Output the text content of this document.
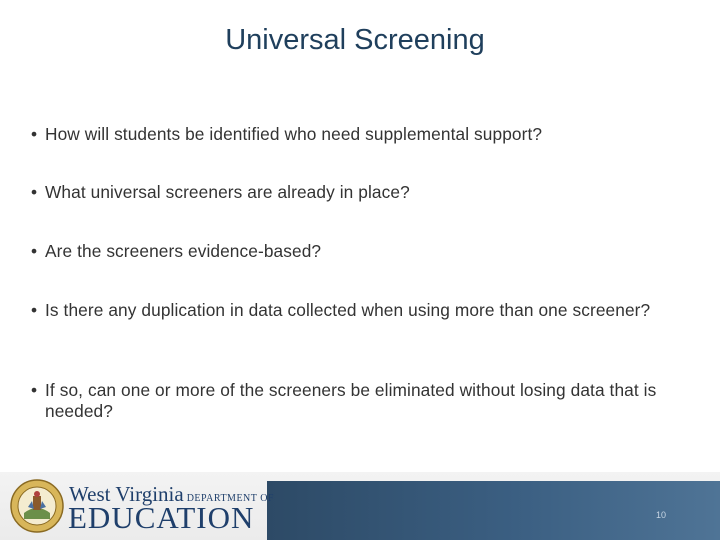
Universal Screening
• How will students be identified who need supplemental support?
• What universal screeners are already in place?
• Are the screeners evidence-based?
• Is there any duplication in data collected when using more than one screener?
• If so, can one or more of the screeners be eliminated without losing data that is needed?
West Virginia DEPARTMENT OF
EDUCATION	10
